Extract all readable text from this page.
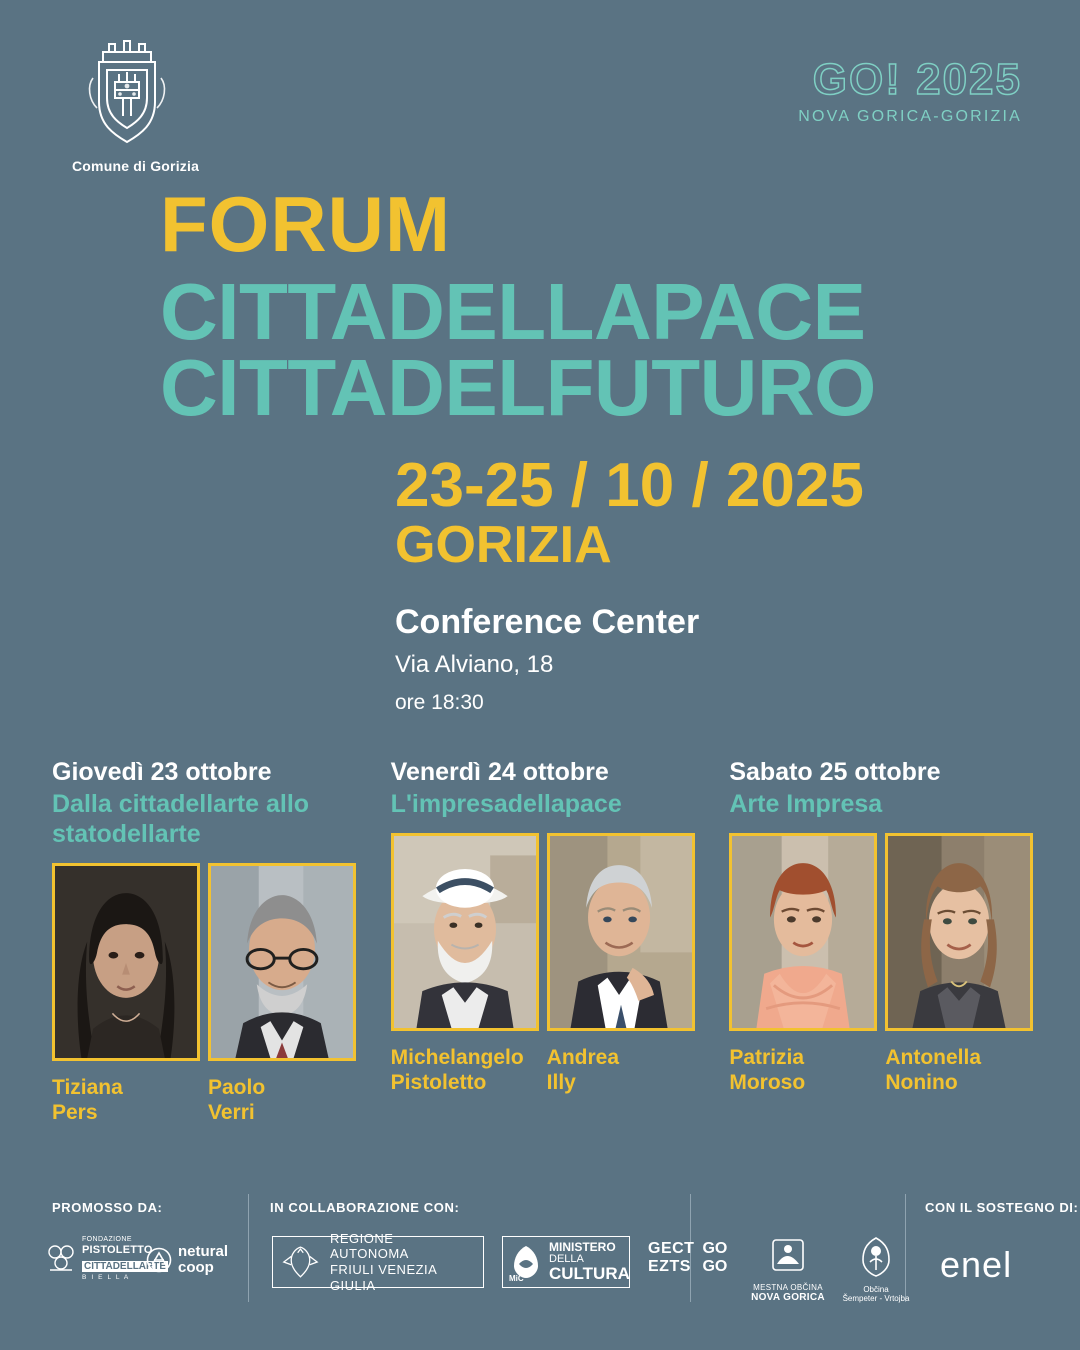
Comune di Gorizia
GO! 2025
NOVA GORICA-GORIZIA
FORUM
CITTADELLAPACE
CITTADELFUTURO
23-25 / 10 / 2025
GORIZIA
Conference Center
Via Alviano, 18
ore 18:30
Giovedì 23 ottobre
Dalla cittadellarte allo statodellarte
Tiziana
Pers
Paolo
Verri
Venerdì 24 ottobre
L'impresadellapace
Michelangelo
Pistoletto
Andrea
Illy
Sabato 25 ottobre
Arte Impresa
Patrizia
Moroso
Antonella
Nonino
PROMOSSO DA:	IN COLLABORAZIONE CON:	CON IL SOSTEGNO DI:
FONDAZIONE
PISTOLETTO
CITTADELLARTE
B I E L L A
netural
coop
REGIONE AUTONOMA
FRIULI VENEZIA GIULIA	MiC
MINISTERO
DELLA
CULTURA
GECT
EZTS
GO
GO
MESTNA OBČINA
NOVA GORICA
Občina
Šempeter - Vrtojba
enel
